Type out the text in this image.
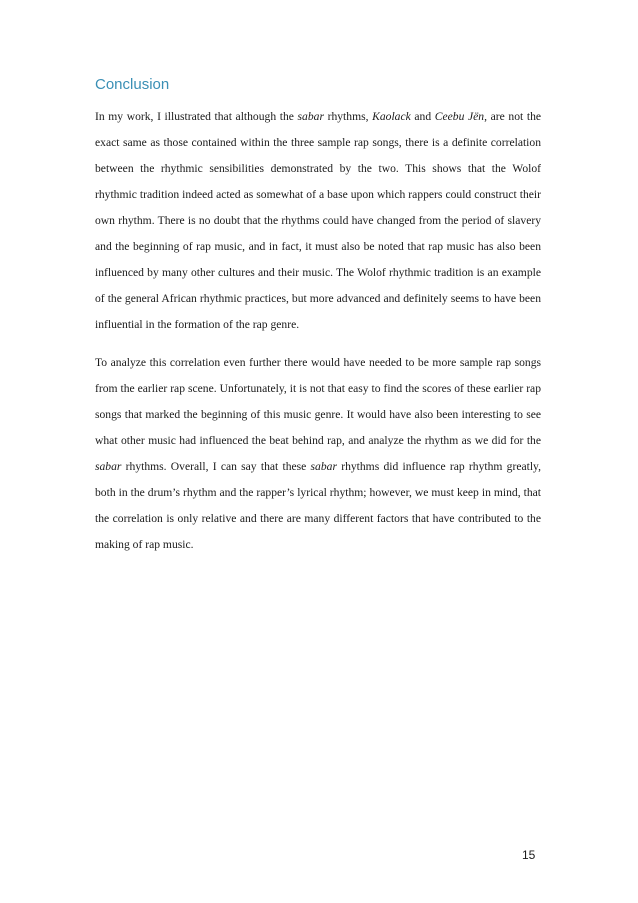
Conclusion

In my work, I illustrated that although the sabar rhythms, Kaolack and Ceebu Jën, are not the exact same as those contained within the three sample rap songs, there is a definite correlation between the rhythmic sensibilities demonstrated by the two. This shows that the Wolof rhythmic tradition indeed acted as somewhat of a base upon which rappers could construct their own rhythm. There is no doubt that the rhythms could have changed from the period of slavery and the beginning of rap music, and in fact, it must also be noted that rap music has also been influenced by many other cultures and their music. The Wolof rhythmic tradition is an example of the general African rhythmic practices, but more advanced and definitely seems to have been influential in the formation of the rap genre.

To analyze this correlation even further there would have needed to be more sample rap songs from the earlier rap scene. Unfortunately, it is not that easy to find the scores of these earlier rap songs that marked the beginning of this music genre. It would have also been interesting to see what other music had influenced the beat behind rap, and analyze the rhythm as we did for the sabar rhythms. Overall, I can say that these sabar rhythms did influence rap rhythm greatly, both in the drum’s rhythm and the rapper’s lyrical rhythm; however, we must keep in mind, that the correlation is only relative and there are many different factors that have contributed to the making of rap music.

15
